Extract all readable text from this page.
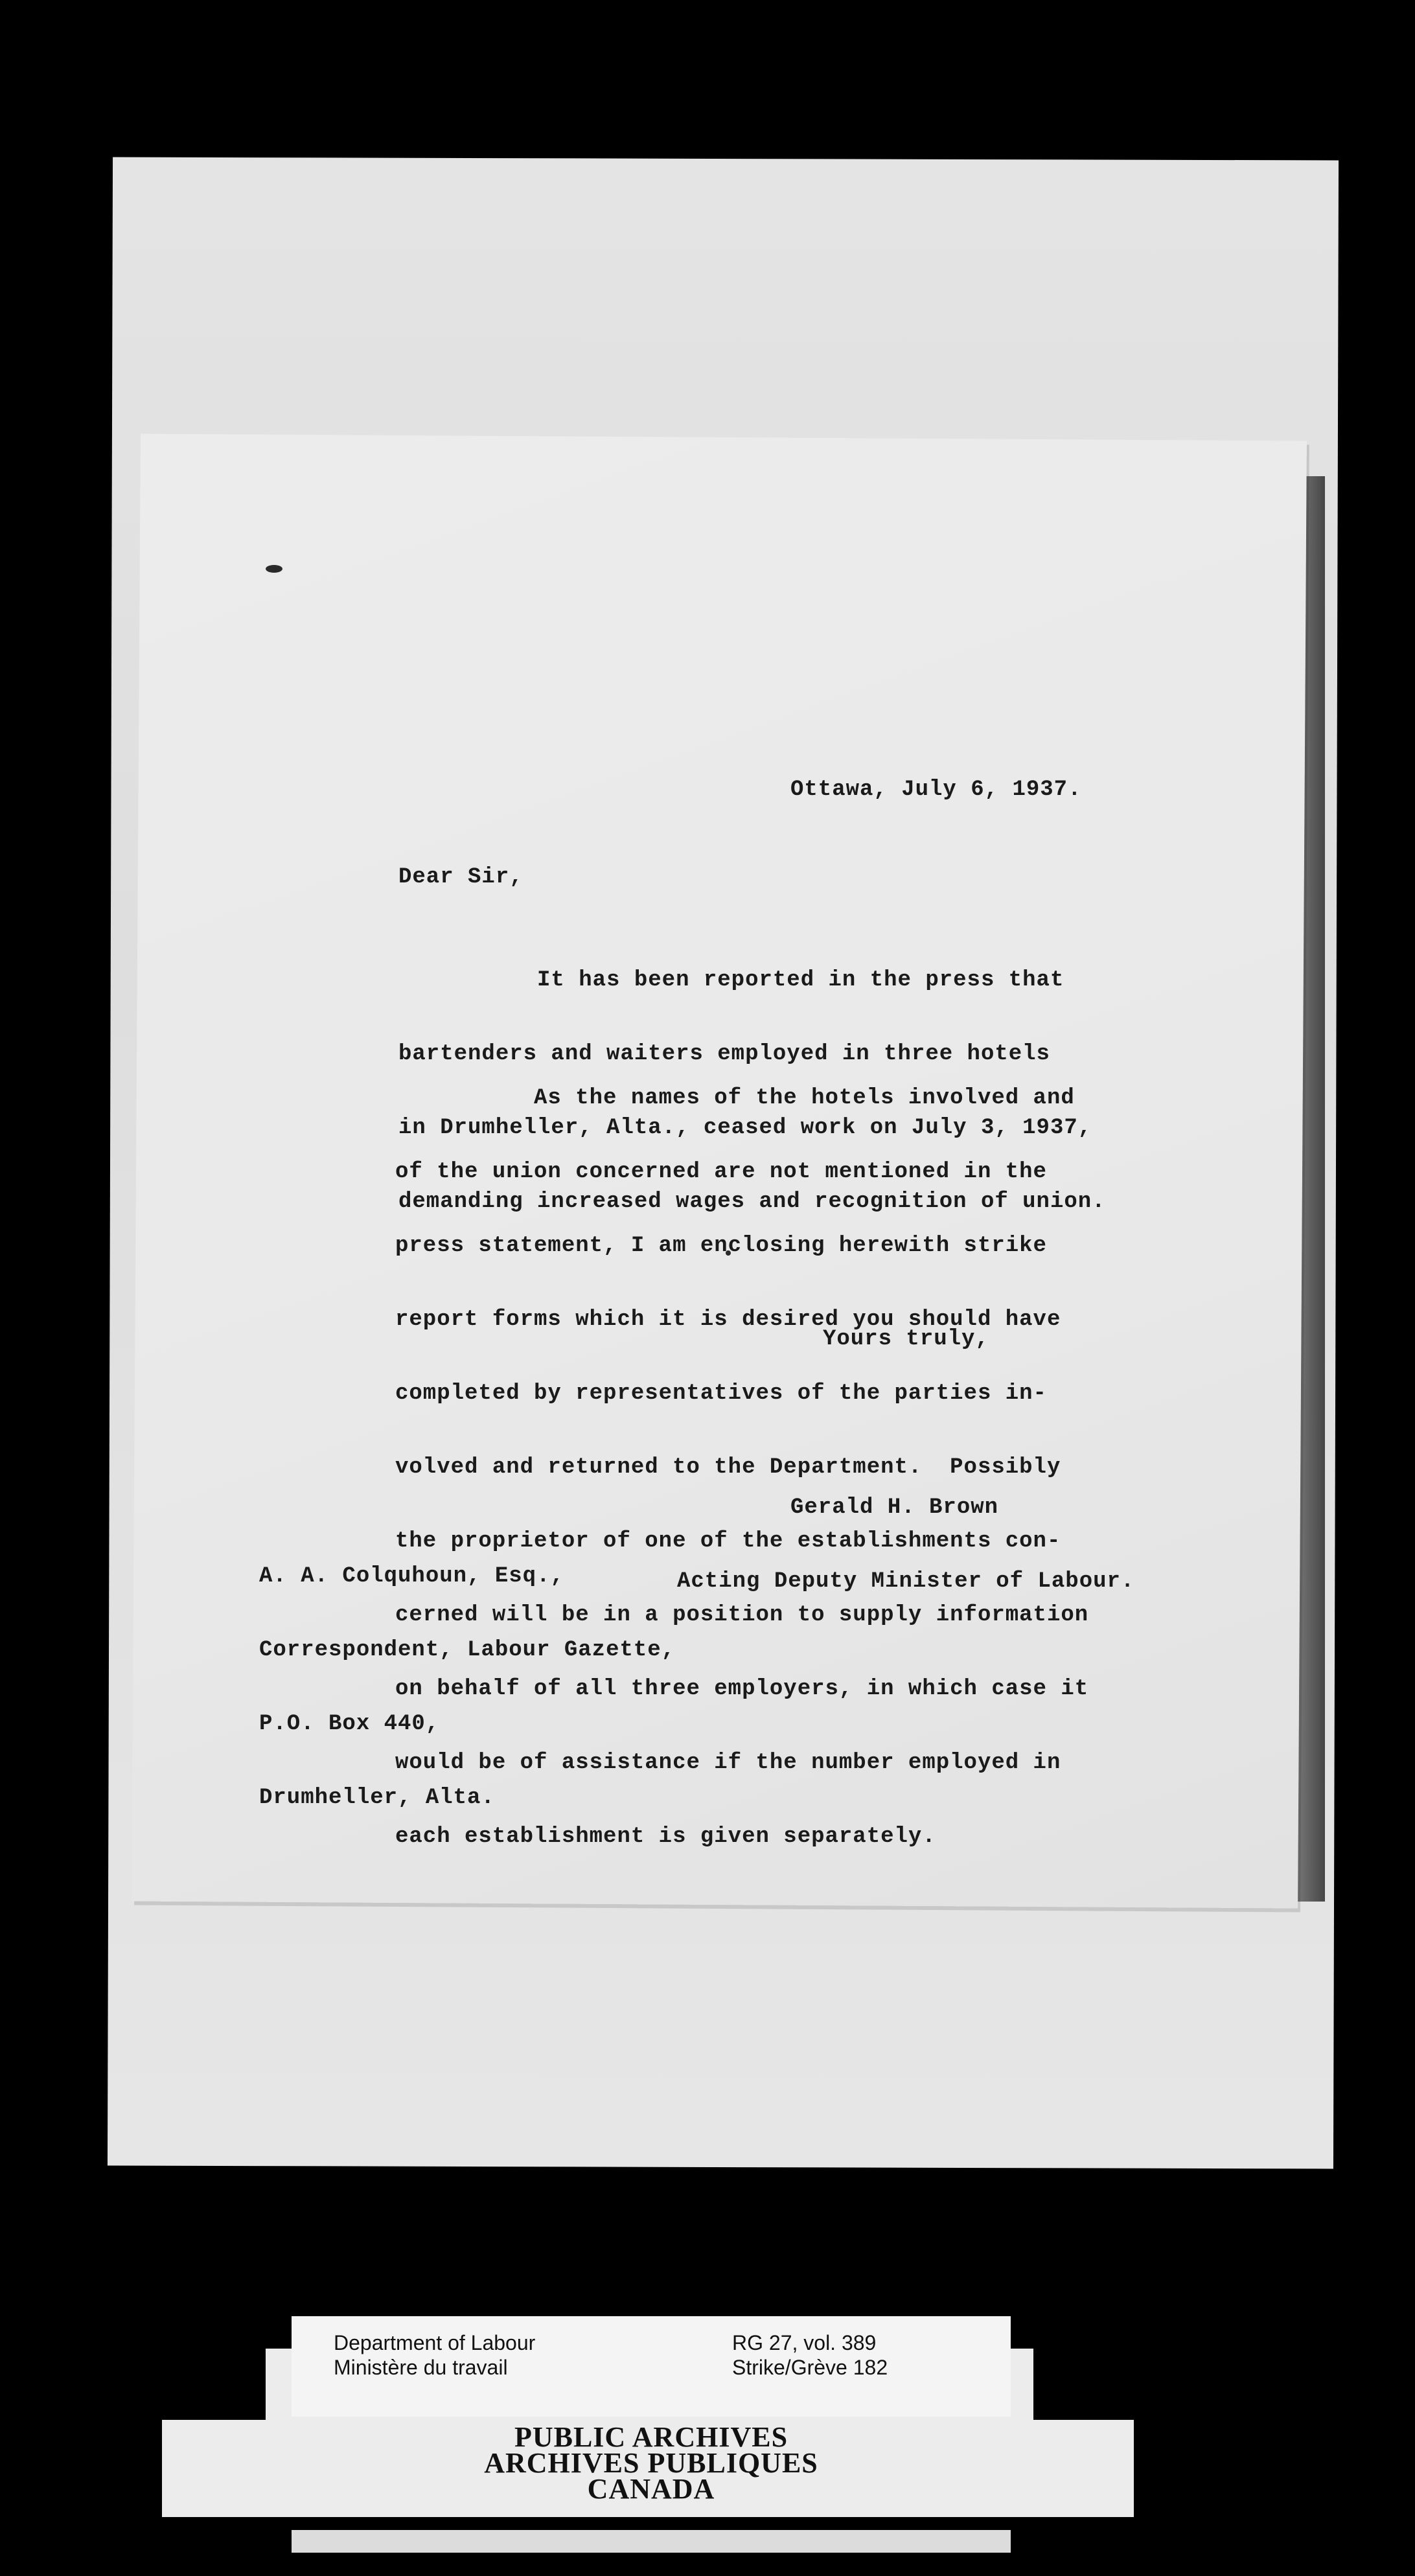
Ottawa, July 6, 1937.
Dear Sir,

It has been reported in the press that

bartenders and waiters employed in three hotels

in Drumheller, Alta., ceased work on July 3, 1937,

demanding increased wages and recognition of union.

As the names of the hotels involved and

of the union concerned are not mentioned in the

press statement, I am enclosing herewith strike

report forms which it is desired you should have

completed by representatives of the parties in-

volved and returned to the Department.  Possibly

the proprietor of one of the establishments con-

cerned will be in a position to supply information

on behalf of all three employers, in which case it

would be of assistance if the number employed in

each establishment is given separately.

Yours truly,

Gerald H. Brown

Acting Deputy Minister of Labour.

A. A. Colquhoun, Esq.,

Correspondent, Labour Gazette,

P.O. Box 440,

Drumheller, Alta.

Department of Labour
Ministère du travail
RG 27, vol. 389
Strike/Grève 182
PUBLIC ARCHIVES
ARCHIVES PUBLIQUES
CANADA
